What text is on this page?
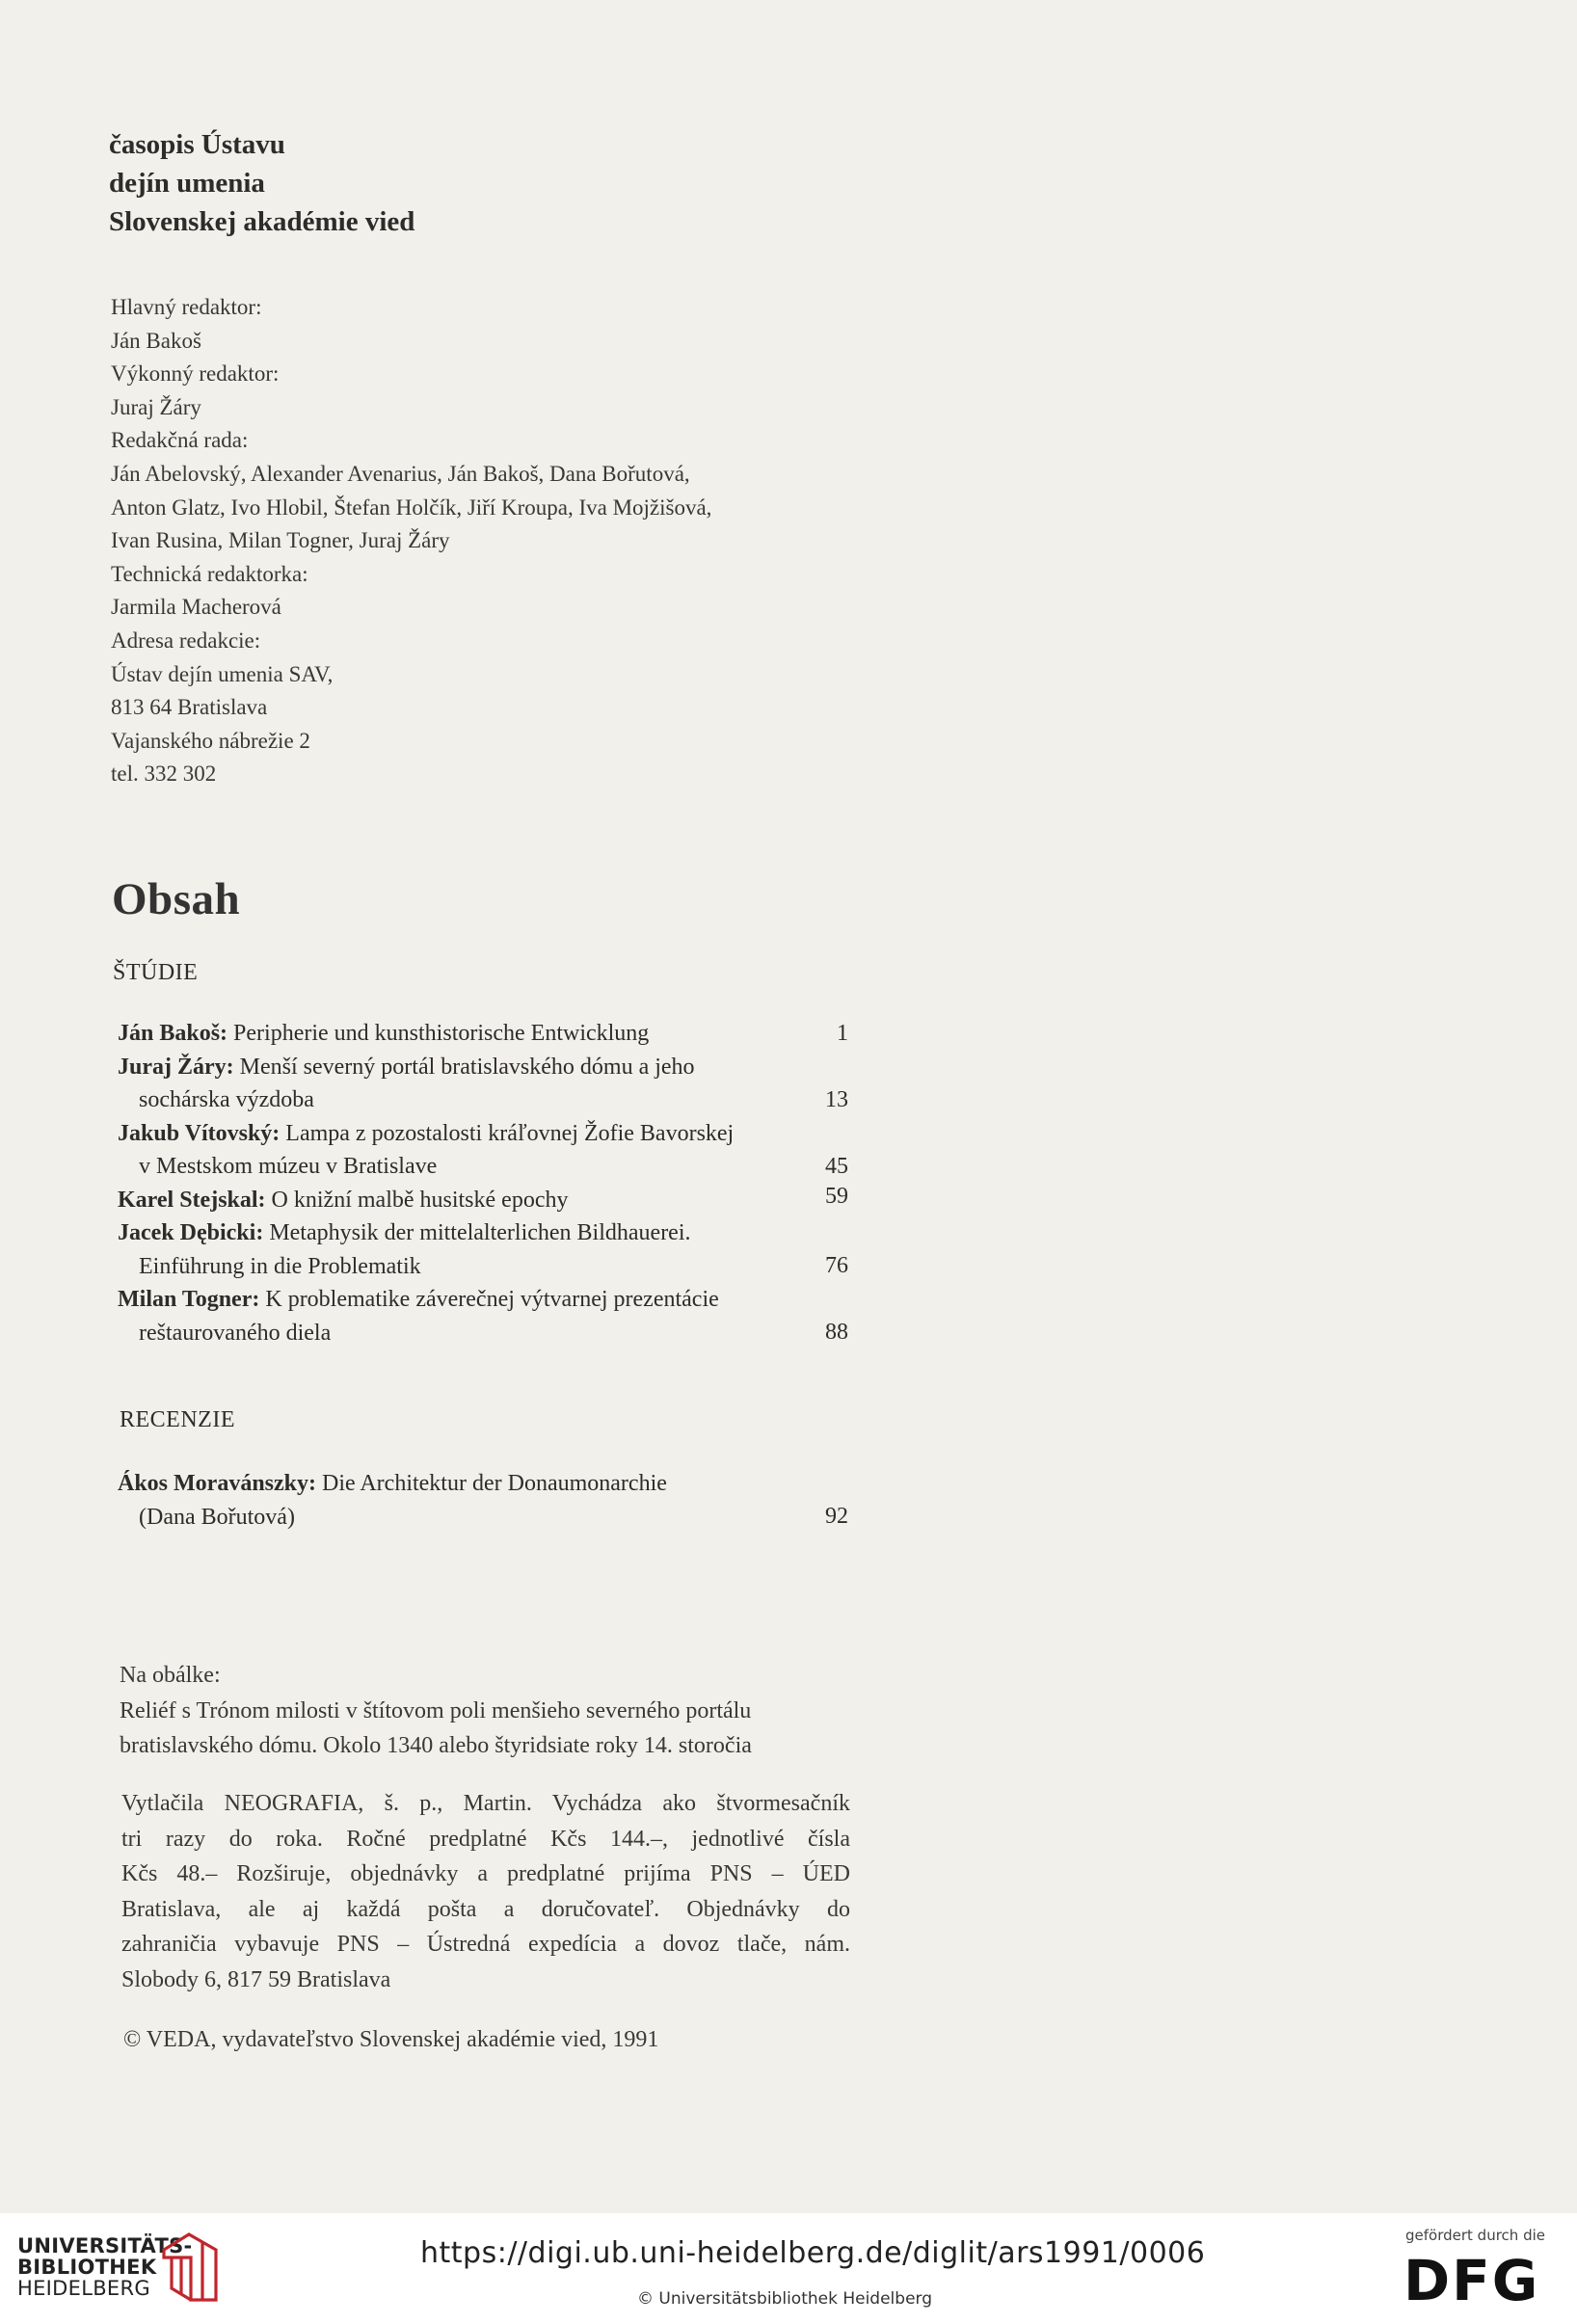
časopis Ústavu
dejín umenia
Slovenskej akadémie vied
Hlavný redaktor:
Ján Bakoš
Výkonný redaktor:
Juraj Žáry
Redakčná rada:
Ján Abelovský, Alexander Avenarius, Ján Bakoš, Dana Bořutová,
Anton Glatz, Ivo Hlobil, Štefan Holčík, Jiří Kroupa, Iva Mojžišová,
Ivan Rusina, Milan Togner, Juraj Žáry
Technická redaktorka:
Jarmila Macherová
Adresa redakcie:
Ústav dejín umenia SAV,
813 64 Bratislava
Vajanského nábrežie 2
tel. 332 302
Obsah
ŠTÚDIE
Ján Bakoš: Peripherie und kunsthistorische Entwicklung	1
Juraj Žáry: Menší severný portál bratislavského dómu a jeho
sochárska výzdoba	13
Jakub Vítovský: Lampa z pozostalosti kráľovnej Žofie Bavorskej
v Mestskom múzeu v Bratislave	45
Karel Stejskal: O knižní malbě husitské epochy	59
Jacek Dębicki: Metaphysik der mittelalterlichen Bildhauerei.
Einführung in die Problematik	76
Milan Togner: K problematike záverečnej výtvarnej prezentácie
reštaurovaného diela	88
RECENZIE
Ákos Moravánszky: Die Architektur der Donaumonarchie
(Dana Bořutová)	92
Na obálke:
Reliéf s Trónom milosti v štítovom poli menšieho severného portálu
bratislavského dómu. Okolo 1340 alebo štyridsiate roky 14. storočia
Vytlačila NEOGRAFIA, š. p., Martin. Vychádza ako štvormesačník
tri razy do roka. Ročné predplatné Kčs 144.–, jednotlivé čísla
Kčs 48.– Rozširuje, objednávky a predplatné prijíma PNS – ÚED
Bratislava, ale aj každá pošta a doručovateľ. Objednávky do
zahraničia vybavuje PNS – Ústredná expedícia a dovoz tlače, nám.
Slobody 6, 817 59 Bratislava
© VEDA, vydavateľstvo Slovenskej akadémie vied, 1991
UNIVERSITÄTS-
BIBLIOTHEK
HEIDELBERG
https://digi.ub.uni-heidelberg.de/diglit/ars1991/0006
© Universitätsbibliothek Heidelberg
gefördert durch die
DFG
